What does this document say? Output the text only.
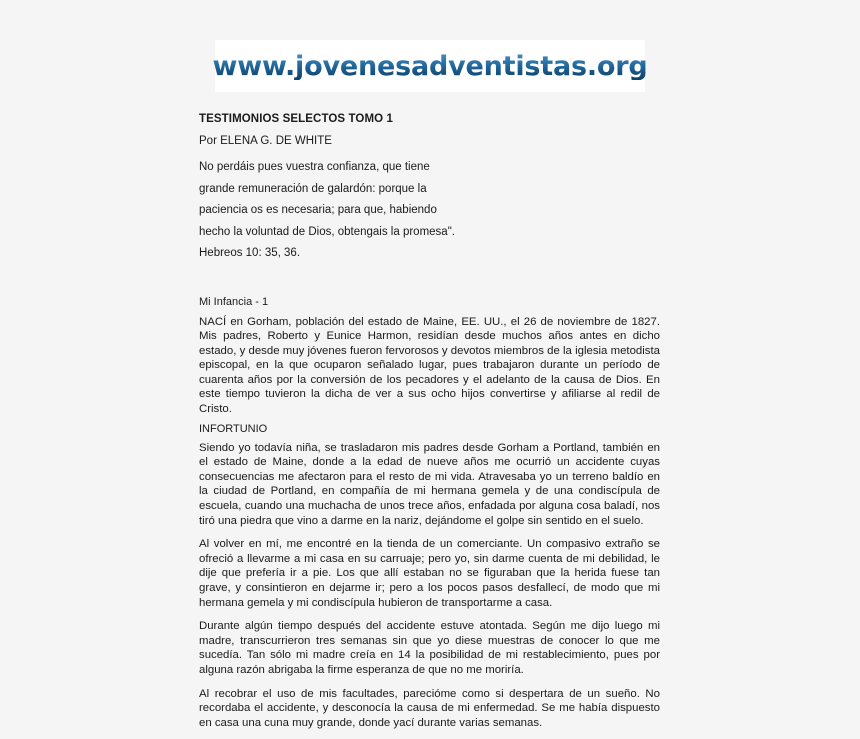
www.jovenesadventistas.org

TESTIMONIOS SELECTOS TOMO 1

Por ELENA G. DE WHITE

No perdáis pues vuestra confianza, que tiene
grande remuneración de galardón: porque la
paciencia os es necesaria; para que, habiendo
hecho la voluntad de Dios, obtengais la promesa".
Hebreos 10: 35, 36.

Mi Infancia - 1

NACÍ en Gorham, población del estado de Maine, EE. UU., el 26 de noviembre de 1827. Mis padres, Roberto y Eunice Harmon, residían desde muchos años antes en dicho estado, y desde muy jóvenes fueron fervorosos y devotos miembros de la iglesia metodista episcopal, en la que ocuparon señalado lugar, pues trabajaron durante un período de cuarenta años por la conversión de los pecadores y el adelanto de la causa de Dios. En este tiempo tuvieron la dicha de ver a sus ocho hijos convertirse y afiliarse al redil de Cristo.

INFORTUNIO

Siendo yo todavía niña, se trasladaron mis padres desde Gorham a Portland, también en el estado de Maine, donde a la edad de nueve años me ocurrió un accidente cuyas consecuencias me afectaron para el resto de mi vida. Atravesaba yo un terreno baldío en la ciudad de Portland, en compañía de mi hermana gemela y de una condiscípula de escuela, cuando una muchacha de unos trece años, enfadada por alguna cosa baladí, nos tiró una piedra que vino a darme en la nariz, dejándome el golpe sin sentido en el suelo.

Al volver en mí, me encontré en la tienda de un comerciante. Un compasivo extraño se ofreció a llevarme a mi casa en su carruaje; pero yo, sin darme cuenta de mi debilidad, le dije que prefería ir a pie. Los que allí estaban no se figuraban que la herida fuese tan grave, y consintieron en dejarme ir; pero a los pocos pasos desfallecí, de modo que mi hermana gemela y mi condiscípula hubieron de transportarme a casa.

Durante algún tiempo después del accidente estuve atontada. Según me dijo luego mi madre, transcurrieron tres semanas sin que yo diese muestras de conocer lo que me sucedía. Tan sólo mi madre creía en 14 la posibilidad de mi restablecimiento, pues por alguna razón abrigaba la firme esperanza de que no me moriría.

Al recobrar el uso de mis facultades, parecióme como si despertara de un sueño. No recordaba el accidente, y desconocía la causa de mi enfermedad. Se me había dispuesto en casa una cuna muy grande, donde yací durante varias semanas.
